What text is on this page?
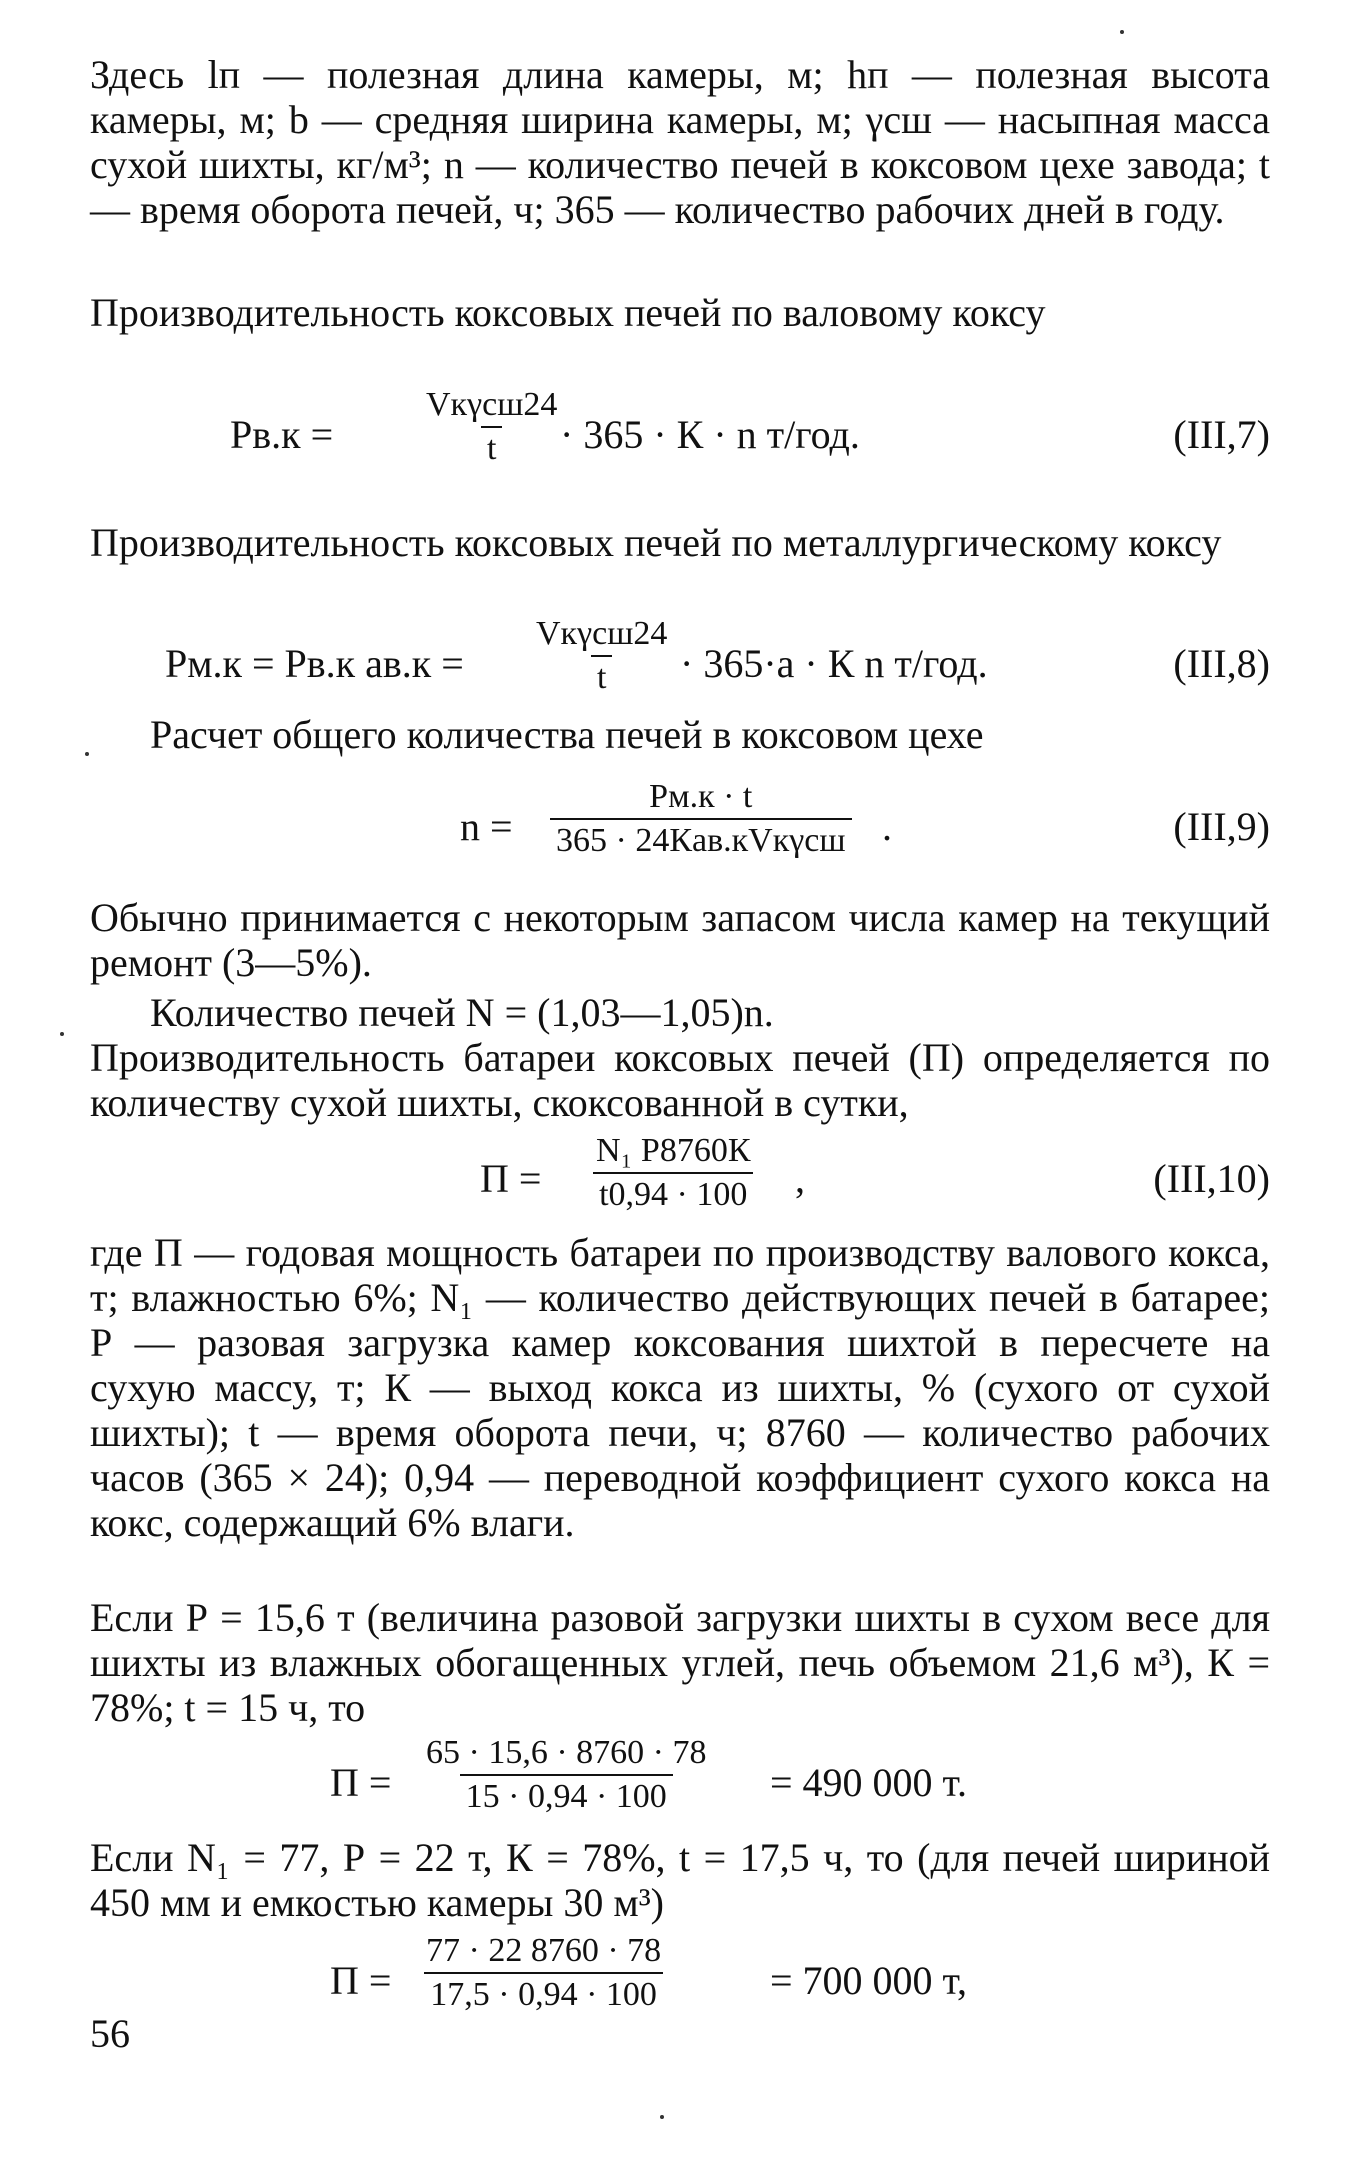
Здесь lп — полезная длина камеры, м; hп — полезная высота камеры, м; b — средняя ширина камеры, м; γсш — насыпная масса сухой шихты, кг/м³; n — количество печей в коксовом цехе завода; t — время оборота печей, ч; 365 — количество рабочих дней в году.

Производительность коксовых печей по валовому коксу

Рв.к =
Vкγсш24
t · 365 · К · n т/год.	(III,7)

Производительность коксовых печей по металлургическому коксу

Рм.к = Рв.к aв.к =
Vкγсш24
t · 365·a · К n т/год.	(III,8)

Расчет общего количества печей в коксовом цехе

n =
Рм.к · t
365 · 24Кaв.кVкγсш .	(III,9)

Обычно принимается с некоторым запасом числа камер на текущий ремонт (3—5%).

Количество печей N = (1,03—1,05)n.

Производительность батареи коксовых печей (П) определяется по количеству сухой шихты, скоксованной в сутки,

П =
N₁ Р8760К
t0,94 · 100 ,	(III,10)

где П — годовая мощность батареи по производству валового кокса, т; влажностью 6%; N₁ — количество действующих печей в батарее; Р — разовая загрузка камер коксования шихтой в пересчете на сухую массу, т; К — выход кокса из шихты, % (сухого от сухой шихты); t — время оборота печи, ч; 8760 — количество рабочих часов (365 × 24); 0,94 — переводной коэффициент сухого кокса на кокс, содержащий 6% влаги.

Если Р = 15,6 т (величина разовой загрузки шихты в сухом весе для шихты из влажных обогащенных углей, печь объемом 21,6 м³), К = 78%; t = 15 ч, то

$П = \frac{65 \cdot 15,6 \cdot 8760 \cdot 78}{15 \cdot 0,94 \cdot 100} = 490$ 000 т.

Если N₁ = 77, Р = 22 т, К = 78%, t = 17,5 ч, то (для печей шириной 450 мм и емкостью камеры 30 м³)

$П = \frac{77 \cdot 22 8760 \cdot 78}{17,5 \cdot 0,94 \cdot 100}$	= 700 000 т,
56
